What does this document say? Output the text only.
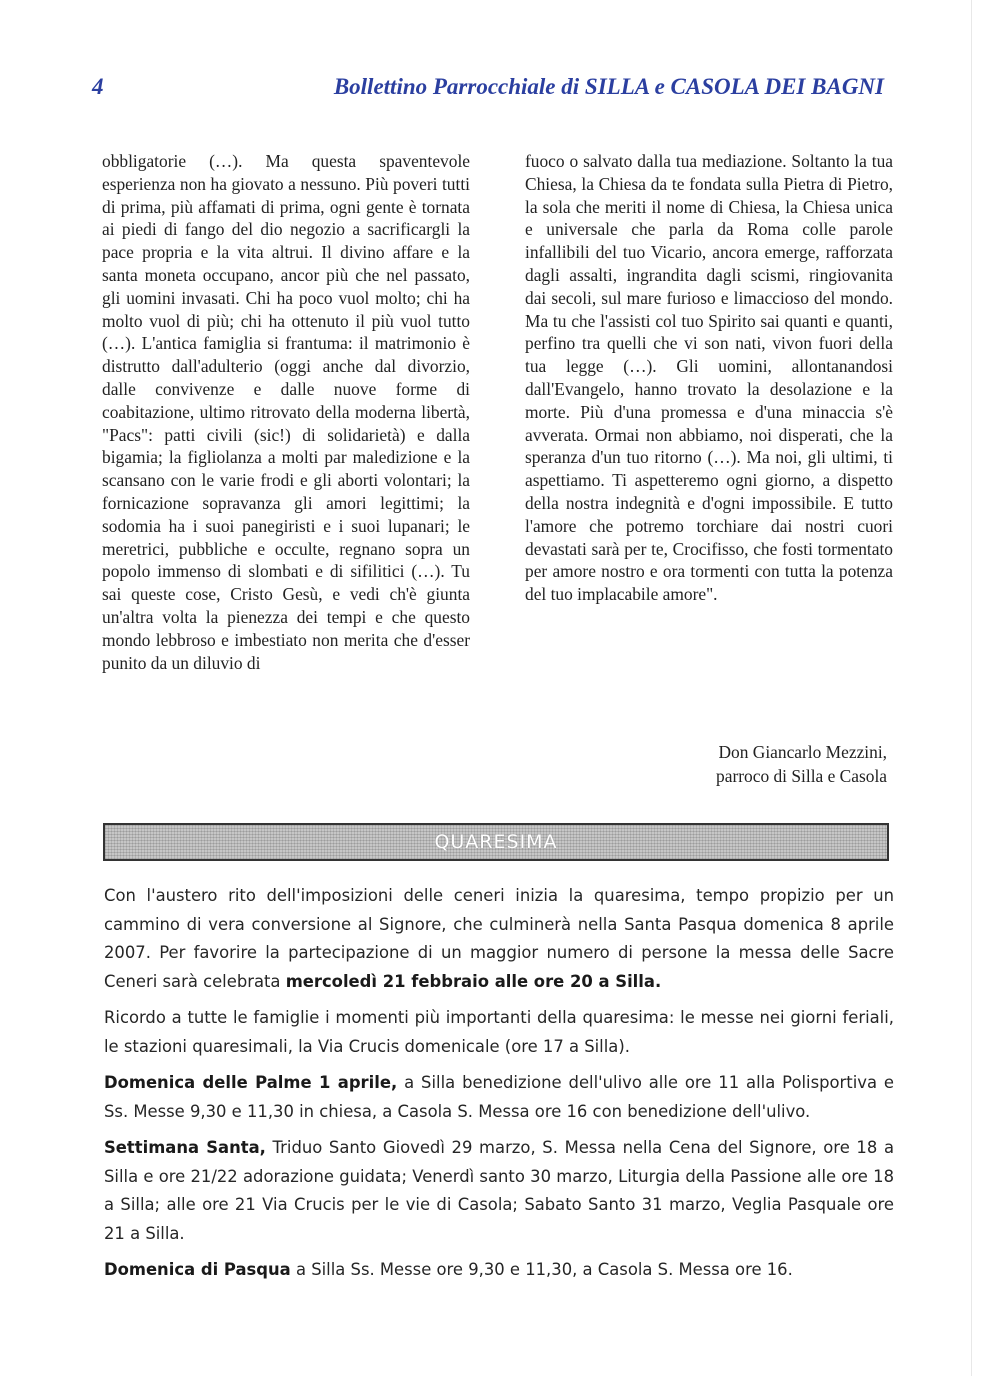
4	Bollettino Parrocchiale di SILLA e CASOLA DEI BAGNI
obbligatorie (…). Ma questa spaventevole esperienza non ha giovato a nessuno. Più poveri tutti di prima, più affamati di prima, ogni gente è tornata ai piedi di fango del dio negozio a sacrificargli la pace propria e la vita altrui. Il divino affare e la santa moneta occupano, ancor più che nel passato, gli uomini invasati. Chi ha poco vuol molto; chi ha molto vuol di più; chi ha ottenuto il più vuol tutto (…). L'antica famiglia si frantuma: il matrimonio è distrutto dall'adulterio (oggi anche dal divorzio, dalle convivenze e dalle nuove forme di coabitazione, ultimo ritrovato della moderna libertà, "Pacs": patti civili (sic!) di solidarietà) e dalla bigamia; la figliolanza a molti par maledizione e la scansano con le varie frodi e gli aborti volontari; la fornicazione sopravanza gli amori legittimi; la sodomia ha i suoi panegiristi e i suoi lupanari; le meretrici, pubbliche e occulte, regnano sopra un popolo immenso di slombati e di sifilitici (…). Tu sai queste cose, Cristo Gesù, e vedi ch'è giunta un'altra volta la pienezza dei tempi e che questo mondo lebbroso e imbestiato non merita che d'esser punito da un diluvio di
fuoco o salvato dalla tua mediazione. Soltanto la tua Chiesa, la Chiesa da te fondata sulla Pietra di Pietro, la sola che meriti il nome di Chiesa, la Chiesa unica e universale che parla da Roma colle parole infallibili del tuo Vicario, ancora emerge, rafforzata dagli assalti, ingrandita dagli scismi, ringiovanita dai secoli, sul mare furioso e limaccioso del mondo. Ma tu che l'assisti col tuo Spirito sai quanti e quanti, perfino tra quelli che vi son nati, vivon fuori della tua legge (…). Gli uomini, allontanandosi dall'Evangelo, hanno trovato la desolazione e la morte. Più d'una promessa e d'una minaccia s'è avverata. Ormai non abbiamo, noi disperati, che la speranza d'un tuo ritorno (…). Ma noi, gli ultimi, ti aspettiamo. Ti aspetteremo ogni giorno, a dispetto della nostra indegnità e d'ogni impossibile. E tutto l'amore che potremo torchiare dai nostri cuori devastati sarà per te, Crocifisso, che fosti tormentato per amore nostro e ora tormenti con tutta la potenza del tuo implacabile amore".
Don Giancarlo Mezzini,
parroco di Silla e Casola
QUARESIMA

Con l'austero rito dell'imposizioni delle ceneri inizia la quaresima, tempo propizio per un cammino di vera conversione al Signore, che culminerà nella Santa Pasqua domenica 8 aprile 2007. Per favorire la partecipazione di un maggior numero di persone la messa delle Sacre Ceneri sarà celebrata mercoledì 21 febbraio alle ore 20 a Silla.

Ricordo a tutte le famiglie i momenti più importanti della quaresima: le messe nei giorni feriali, le stazioni quaresimali, la Via Crucis domenicale (ore 17 a Silla).

Domenica delle Palme 1 aprile, a Silla benedizione dell'ulivo alle ore 11 alla Polisportiva e Ss. Messe 9,30 e 11,30 in chiesa, a Casola S. Messa ore 16 con benedizione dell'ulivo.

Settimana Santa, Triduo Santo Giovedì 29 marzo, S. Messa nella Cena del Signore, ore 18 a Silla e ore 21/22 adorazione guidata; Venerdì santo 30 marzo, Liturgia della Passione alle ore 18 a Silla; alle ore 21 Via Crucis per le vie di Casola; Sabato Santo 31 marzo, Veglia Pasquale ore 21 a Silla.

Domenica di Pasqua a Silla Ss. Messe ore 9,30 e 11,30, a Casola S. Messa ore 16.
